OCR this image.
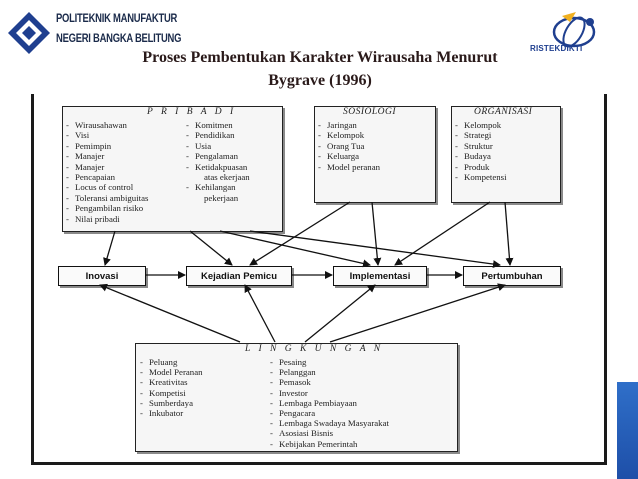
POLITEKNIK MANUFAKTUR
NEGERI BANGKA BELITUNG
RISTEKDIKTI
Proses Pembentukan Karakter Wirausaha Menurut
Bygrave (1996)
P R I B A D I
- Wirausahawan
- Visi
- Pemimpin
- Manajer
- Manajer
- Pencapaian
- Locus of control
- Toleransi ambiguitas
- Pengambilan risiko
- Nilai pribadi
- Komitmen
- Pendidikan
- Usia
- Pengalaman
- Ketidakpuasan
atas ekerjaan
- Kehilangan
pekerjaan
SOSIOLOGI
- Jaringan
- Kelompok
- Orang Tua
- Keluarga
- Model peranan
ORGANISASI
- Kelompok
- Strategi
- Struktur
- Budaya
- Produk
- Kompetensi
Inovasi	Kejadian Pemicu	Implementasi	Pertumbuhan
L I N G K U N G A N
- Peluang
- Model Peranan
- Kreativitas
- Kompetisi
- Sumberdaya
- Inkubator
- Pesaing
- Pelanggan
- Pemasok
- Investor
- Lembaga Pembiayaan
- Pengacara
- Lembaga Swadaya Masyarakat
- Asosiasi Bisnis
- Kebijakan Pemerintah
